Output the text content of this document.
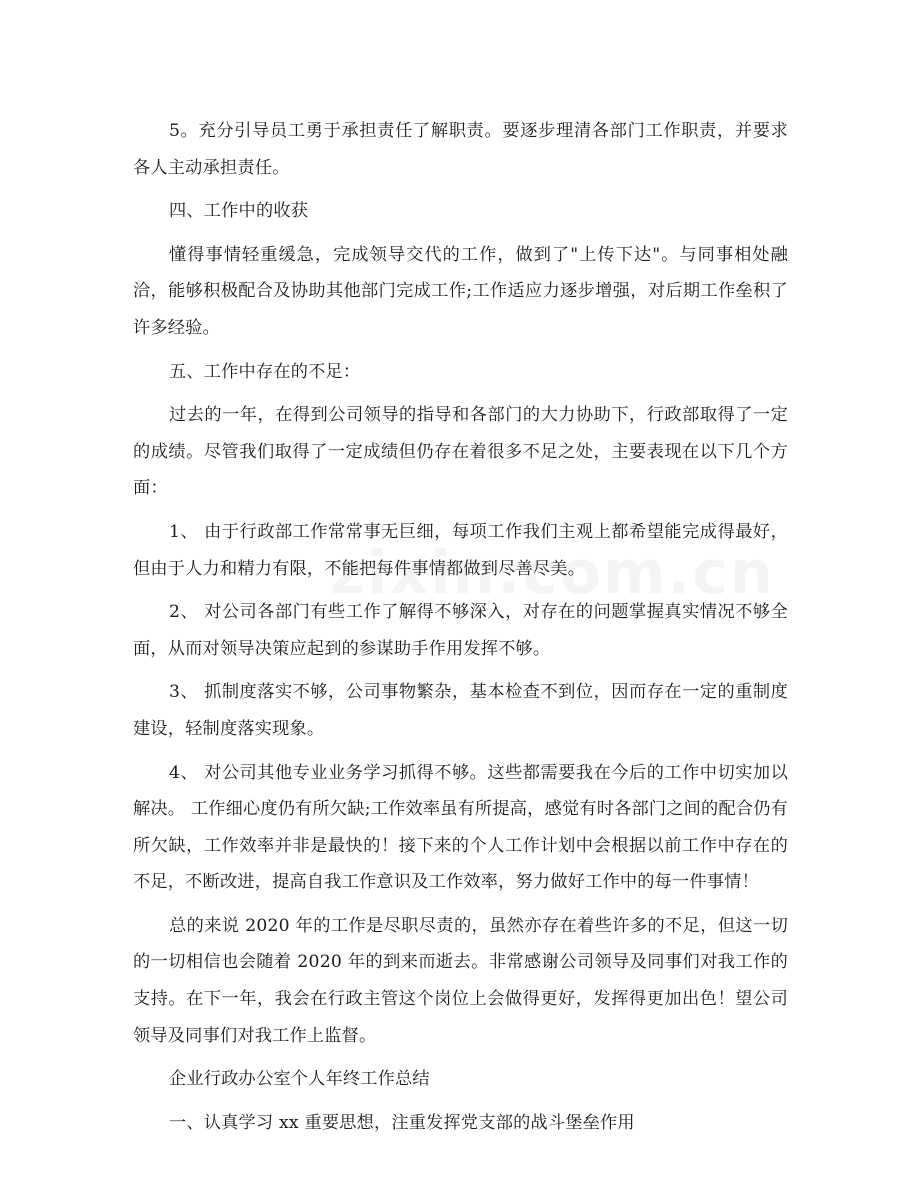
5。充分引导员工勇于承担责任了解职责。要逐步理清各部门工作职责，并要求各人主动承担责任。

四、工作中的收获

懂得事情轻重缓急，完成领导交代的工作，做到了"上传下达"。与同事相处融洽，能够积极配合及协助其他部门完成工作;工作适应力逐步增强，对后期工作垒积了许多经验。

五、工作中存在的不足：

过去的一年，在得到公司领导的指导和各部门的大力协助下，行政部取得了一定的成绩。尽管我们取得了一定成绩但仍存在着很多不足之处，主要表现在以下几个方面：

1、 由于行政部工作常常事无巨细，每项工作我们主观上都希望能完成得最好，但由于人力和精力有限，不能把每件事情都做到尽善尽美。

2、 对公司各部门有些工作了解得不够深入，对存在的问题掌握真实情况不够全面，从而对领导决策应起到的参谋助手作用发挥不够。

3、 抓制度落实不够，公司事物繁杂，基本检查不到位，因而存在一定的重制度建设，轻制度落实现象。

4、 对公司其他专业业务学习抓得不够。这些都需要我在今后的工作中切实加以解决。 工作细心度仍有所欠缺;工作效率虽有所提高，感觉有时各部门之间的配合仍有所欠缺，工作效率并非是最快的！接下来的个人工作计划中会根据以前工作中存在的不足，不断改进，提高自我工作意识及工作效率，努力做好工作中的每一件事情！

总的来说 2020 年的工作是尽职尽责的，虽然亦存在着些许多的不足，但这一切的一切相信也会随着 2020 年的到来而逝去。非常感谢公司领导及同事们对我工作的支持。在下一年，我会在行政主管这个岗位上会做得更好，发挥得更加出色！望公司领导及同事们对我工作上监督。

企业行政办公室个人年终工作总结

一、认真学习 xx 重要思想，注重发挥党支部的战斗堡垒作用
